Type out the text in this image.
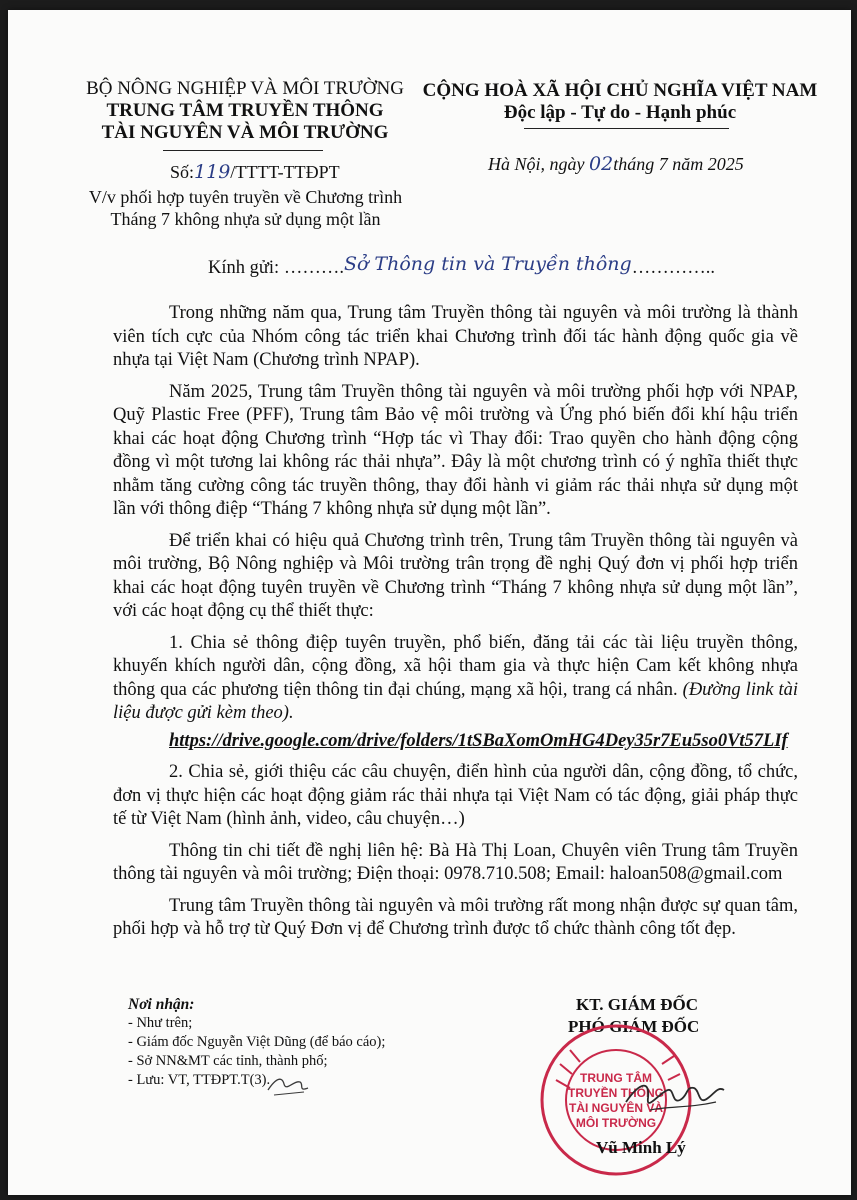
BỘ NÔNG NGHIỆP VÀ MÔI TRƯỜNG
TRUNG TÂM TRUYỀN THÔNG
TÀI NGUYÊN VÀ MÔI TRƯỜNG
Số:119/TTTT-TTĐPT
V/v phối hợp tuyên truyền về Chương trình
Tháng 7 không nhựa sử dụng một lần
CỘNG HOÀ XÃ HỘI CHỦ NGHĨA VIỆT NAM
Độc lập - Tự do - Hạnh phúc
Hà Nội, ngày 02tháng 7 năm 2025
Kính gửi: ……….Sở Thông tin và Truyền thông…………..

Trong những năm qua, Trung tâm Truyền thông tài nguyên và môi trường là thành viên tích cực của Nhóm công tác triển khai Chương trình đối tác hành động quốc gia về nhựa tại Việt Nam (Chương trình NPAP).

Năm 2025, Trung tâm Truyền thông tài nguyên và môi trường phối hợp với NPAP, Quỹ Plastic Free (PFF), Trung tâm Bảo vệ môi trường và Ứng phó biến đổi khí hậu triển khai các hoạt động Chương trình “Hợp tác vì Thay đổi: Trao quyền cho hành động cộng đồng vì một tương lai không rác thải nhựa”. Đây là một chương trình có ý nghĩa thiết thực nhằm tăng cường công tác truyền thông, thay đổi hành vi giảm rác thải nhựa sử dụng một lần với thông điệp “Tháng 7 không nhựa sử dụng một lần”.

Để triển khai có hiệu quả Chương trình trên, Trung tâm Truyền thông tài nguyên và môi trường, Bộ Nông nghiệp và Môi trường trân trọng đề nghị Quý đơn vị phối hợp triển khai các hoạt động tuyên truyền về Chương trình “Tháng 7 không nhựa sử dụng một lần”, với các hoạt động cụ thể thiết thực:

1. Chia sẻ thông điệp tuyên truyền, phổ biến, đăng tải các tài liệu truyền thông, khuyến khích người dân, cộng đồng, xã hội tham gia và thực hiện Cam kết không nhựa thông qua các phương tiện thông tin đại chúng, mạng xã hội, trang cá nhân. (Đường link tài liệu được gửi kèm theo).

https://drive.google.com/drive/folders/1tSBaXomOmHG4Dey35r7Eu5so0Vt57LIf

2. Chia sẻ, giới thiệu các câu chuyện, điển hình của người dân, cộng đồng, tổ chức, đơn vị thực hiện các hoạt động giảm rác thải nhựa tại Việt Nam có tác động, giải pháp thực tế từ Việt Nam (hình ảnh, video, câu chuyện…)

Thông tin chi tiết đề nghị liên hệ: Bà Hà Thị Loan, Chuyên viên Trung tâm Truyền thông tài nguyên và môi trường; Điện thoại: 0978.710.508; Email: haloan508@gmail.com

Trung tâm Truyền thông tài nguyên và môi trường rất mong nhận được sự quan tâm, phối hợp và hỗ trợ từ Quý Đơn vị để Chương trình được tổ chức thành công tốt đẹp.

Nơi nhận:
- Như trên;
- Giám đốc Nguyễn Việt Dũng (để báo cáo);
- Sở NN&MT các tỉnh, thành phố;
- Lưu: VT, TTĐPT.T(3).
KT. GIÁM ĐỐC
PHÓ GIÁM ĐỐC
TRUNG TÂM
TRUYỀN THÔNG
TÀI NGUYÊN VÀ
MÔI TRƯỜNG
Vũ Minh Lý
